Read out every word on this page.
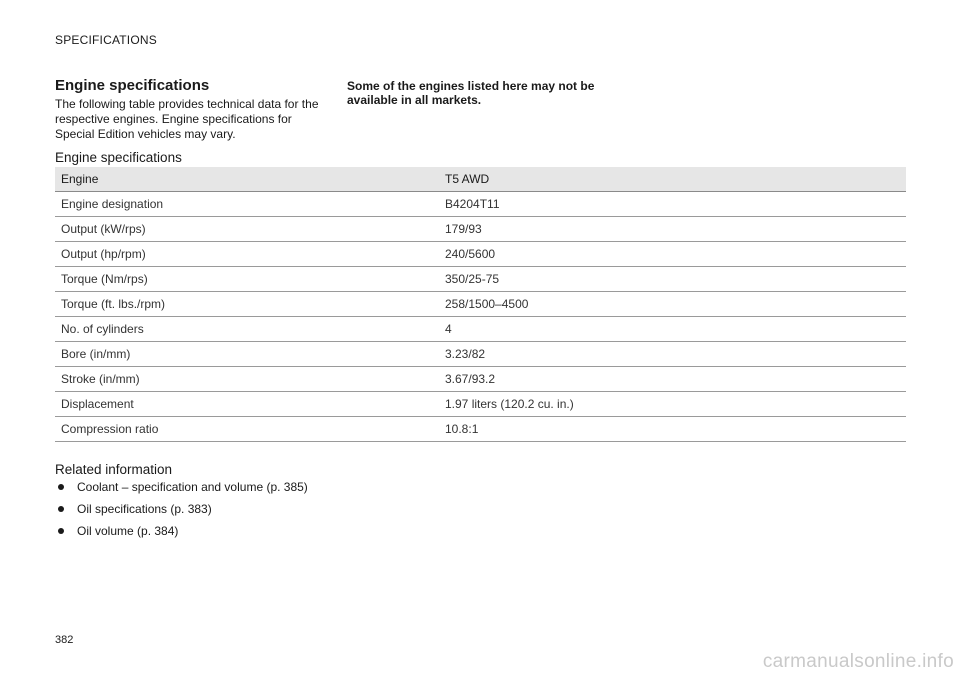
SPECIFICATIONS
Engine specifications
The following table provides technical data for the respective engines. Engine specifications for Special Edition vehicles may vary.
Some of the engines listed here may not be available in all markets.
Engine specifications
Engine	T5 AWD
Engine designation	B4204T11
Output (kW/rps)	179/93
Output (hp/rpm)	240/5600
Torque (Nm/rps)	350/25-75
Torque (ft. lbs./rpm)	258/1500–4500
No. of cylinders	4
Bore (in/mm)	3.23/82
Stroke (in/mm)	3.67/93.2
Displacement	1.97 liters (120.2 cu. in.)
Compression ratio	10.8:1
Related information
Coolant – specification and volume (p. 385)
Oil specifications (p. 383)
Oil volume (p. 384)
382
carmanualsonline.info
